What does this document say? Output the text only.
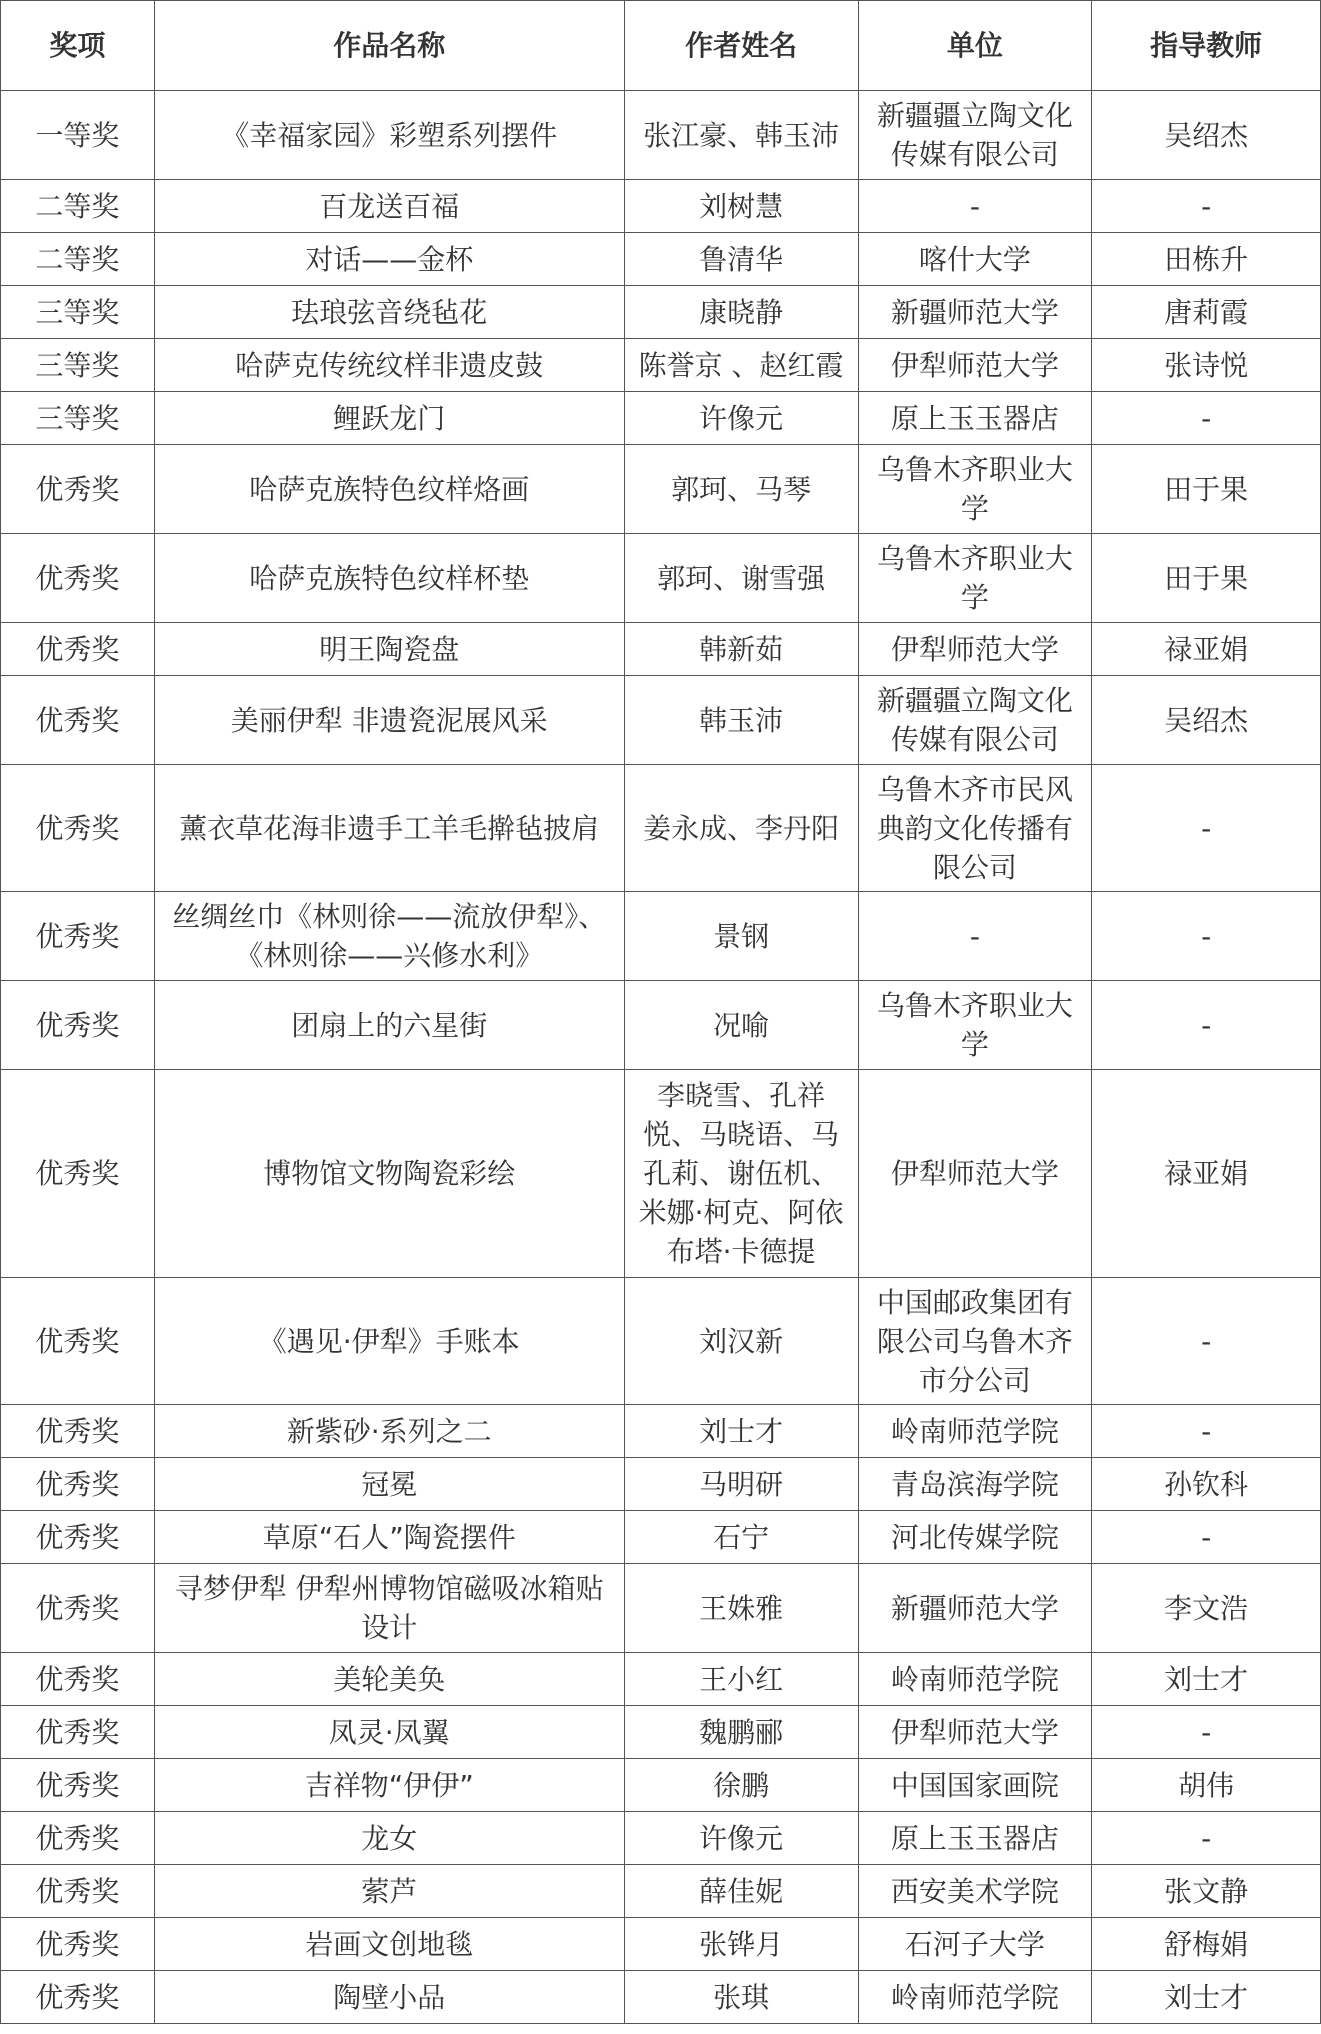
奖项	作品名称	作者姓名	单位	指导教师
一等奖	《幸福家园》彩塑系列摆件	张江豪、韩玉沛	新疆疆立陶文化传媒有限公司	吴绍杰
二等奖	百龙送百福	刘树慧	-	-
二等奖	对话——金杯	鲁清华	喀什大学	田栋升
三等奖	珐琅弦音绕毡花	康晓静	新疆师范大学	唐莉霞
三等奖	哈萨克传统纹样非遗皮鼓	陈誉京 、赵红霞	伊犁师范大学	张诗悦
三等奖	鲤跃龙门	许像元	原上玉玉器店	-
优秀奖	哈萨克族特色纹样烙画	郭珂、马琴	乌鲁木齐职业大学	田于果
优秀奖	哈萨克族特色纹样杯垫	郭珂、谢雪强	乌鲁木齐职业大学	田于果
优秀奖	明王陶瓷盘	韩新茹	伊犁师范大学	禄亚娟
优秀奖	美丽伊犁 非遗瓷泥展风采	韩玉沛	新疆疆立陶文化传媒有限公司	吴绍杰
优秀奖	薰衣草花海非遗手工羊毛擀毡披肩	姜永成、李丹阳	乌鲁木齐市民风典韵文化传播有限公司	-
优秀奖	丝绸丝巾《林则徐——流放伊犁》、《林则徐——兴修水利》	景钢	-	-
优秀奖	团扇上的六星街	况喻	乌鲁木齐职业大学	-
优秀奖	博物馆文物陶瓷彩绘	李晓雪、孔祥悦、马晓语、马孔莉、谢伍机、米娜·柯克、阿依布塔·卡德提	伊犁师范大学	禄亚娟
优秀奖	《遇见·伊犁》手账本	刘汉新	中国邮政集团有限公司乌鲁木齐市分公司	-
优秀奖	新紫砂·系列之二	刘士才	岭南师范学院	-
优秀奖	冠冕	马明研	青岛滨海学院	孙钦科
优秀奖	草原“石人”陶瓷摆件	石宁	河北传媒学院	-
优秀奖	寻梦伊犁 伊犁州博物馆磁吸冰箱贴设计	王姝雅	新疆师范大学	李文浩
优秀奖	美轮美奂	王小红	岭南师范学院	刘士才
优秀奖	凤灵·凤翼	魏鹏郦	伊犁师范大学	-
优秀奖	吉祥物“伊伊”	徐鹏	中国国家画院	胡伟
优秀奖	龙女	许像元	原上玉玉器店	-
优秀奖	萦芦	薛佳妮	西安美术学院	张文静
优秀奖	岩画文创地毯	张铧月	石河子大学	舒梅娟
优秀奖	陶壁小品	张琪	岭南师范学院	刘士才
